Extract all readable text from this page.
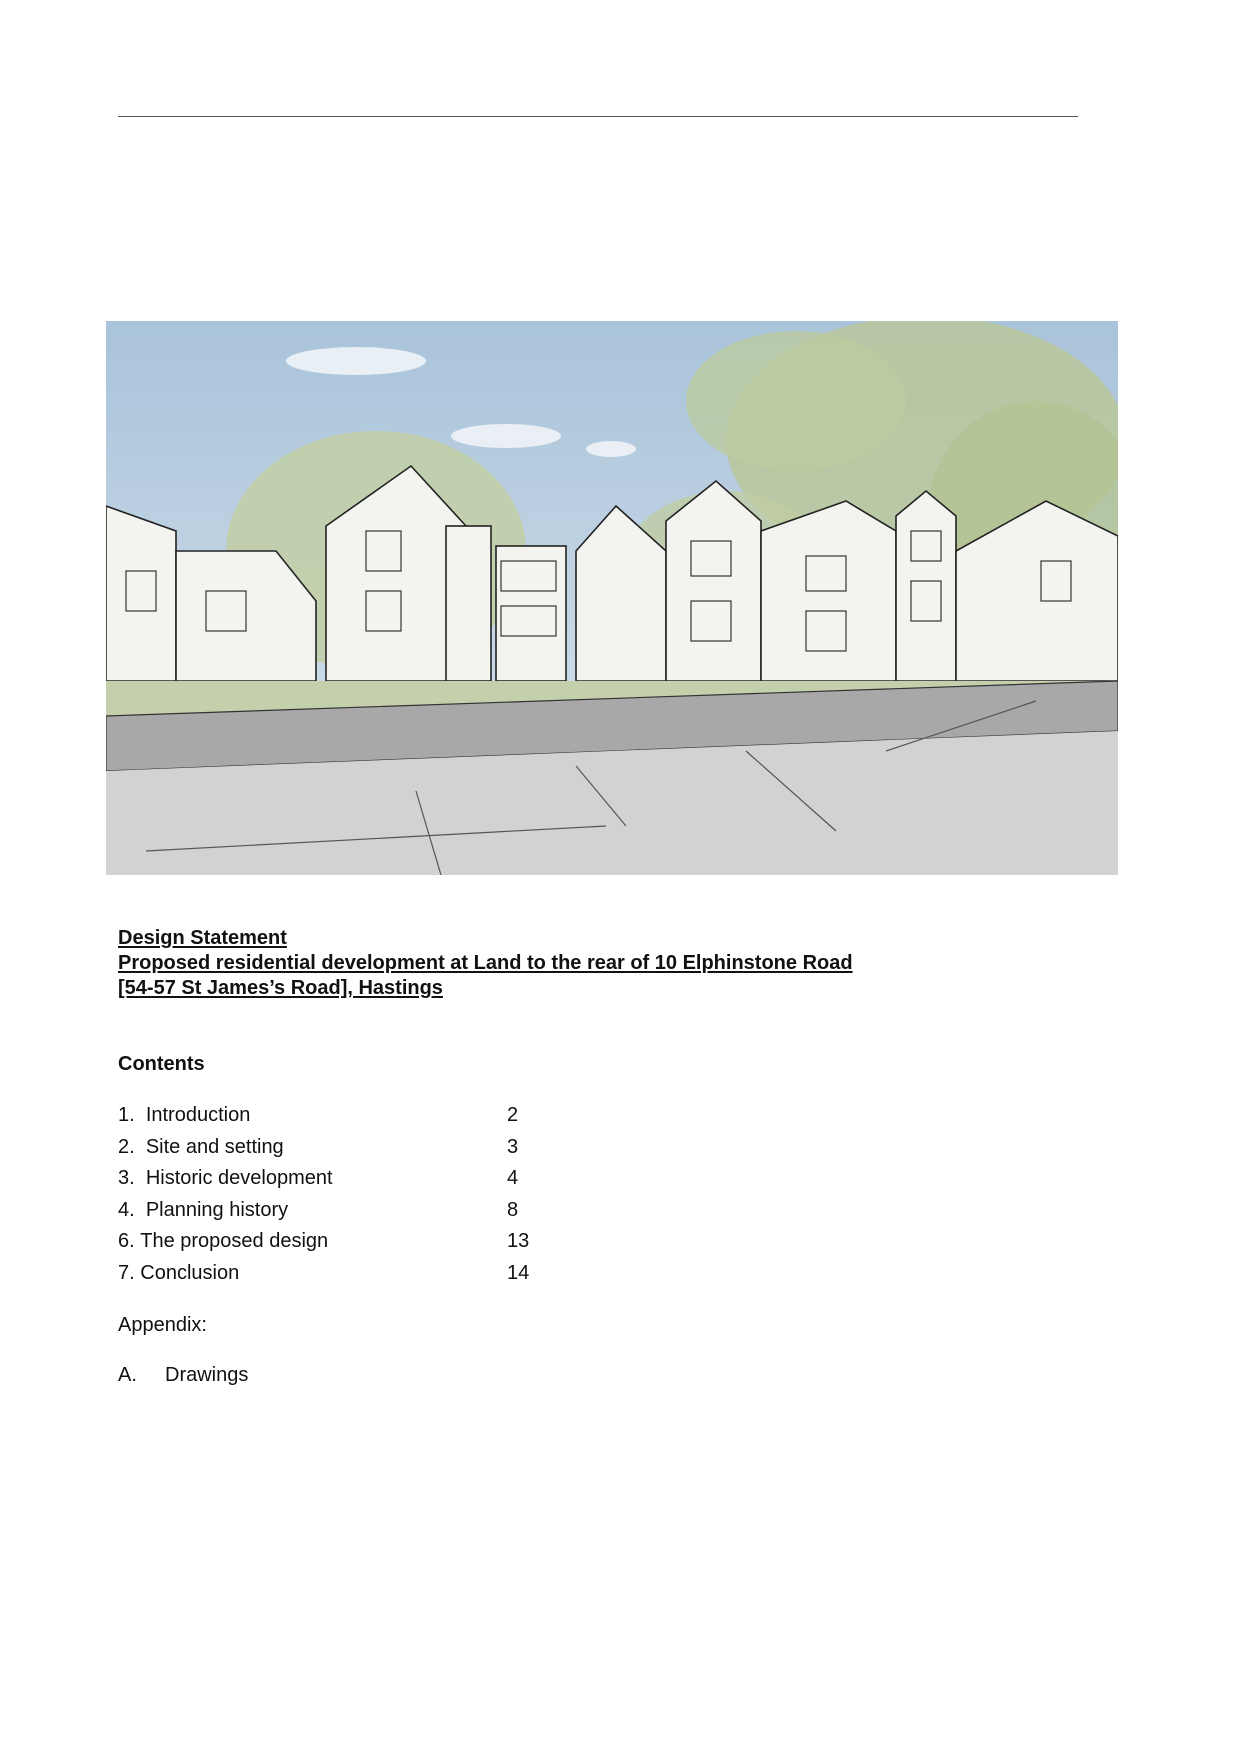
Design Statement
Proposed residential development at Land to the rear of 10 Elphinstone Road
[54-57 St James’s Road], Hastings
Contents
1. Introduction	2
2. Site and setting	3
3. Historic development	4
4. Planning history	8
6. The proposed design	13
7. Conclusion	14
Appendix:
A. Drawings
